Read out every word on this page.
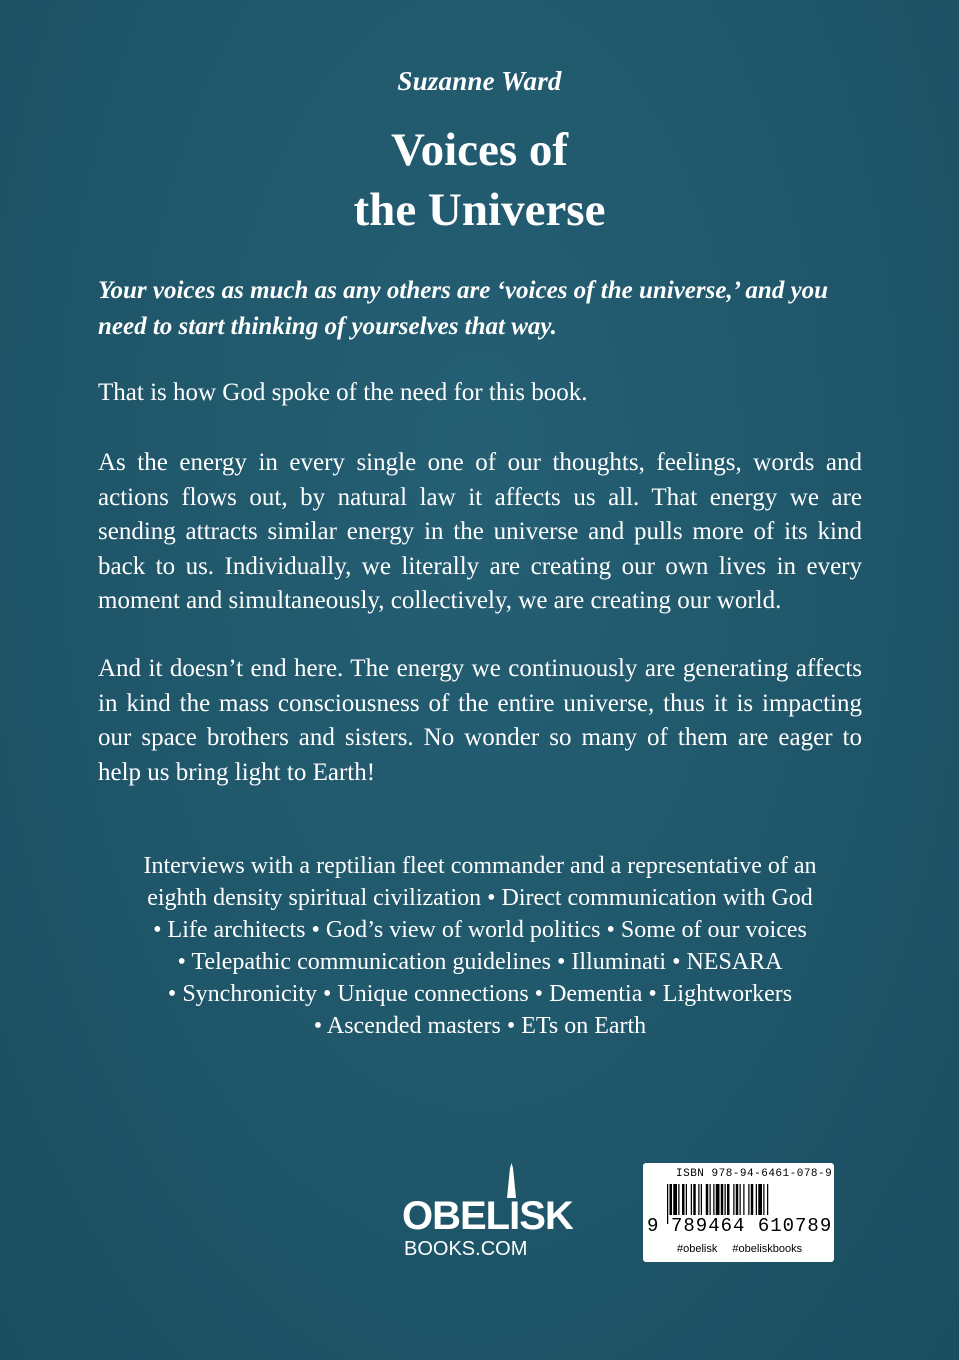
Suzanne Ward
Voices of
the Universe
Your voices as much as any others are ‘voices of the universe,’ and you need to start thinking of yourselves that way.
That is how God spoke of the need for this book.
As the energy in every single one of our thoughts, feelings, words and actions flows out, by natural law it affects us all. That energy we are sending attracts similar energy in the universe and pulls more of its kind back to us. Individually, we literally are creating our own lives in every moment and simultaneously, collectively, we are creating our world.
And it doesn’t end here. The energy we continuously are generating affects in kind the mass consciousness of the entire universe, thus it is impacting our space brothers and sisters. No wonder so many of them are eager to help us bring light to Earth!
Interviews with a reptilian fleet commander and a representative of an
eighth density spiritual civilization • Direct communication with God
• Life architects • God’s view of world politics • Some of our voices
• Telepathic communication guidelines • Illuminati • NESARA
• Synchronicity • Unique connections • Dementia • Lightworkers
• Ascended masters • ETs on Earth
OBELISK
BOOKS.COM
ISBN 978-94-6461-078-9
9 789464 610789
#obelisk #obeliskbooks
